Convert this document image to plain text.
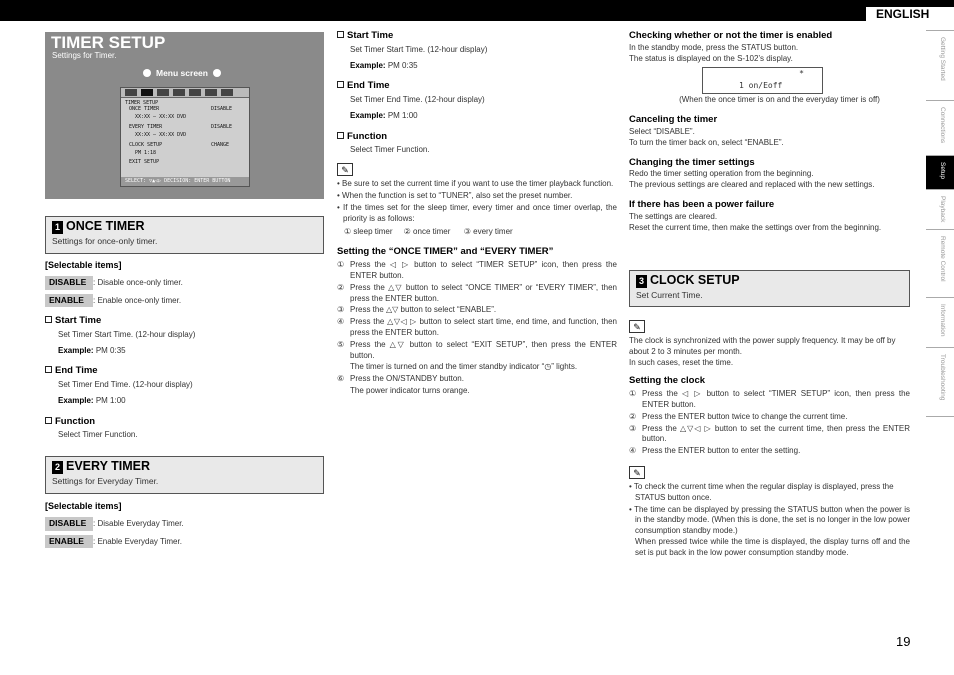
ENGLISH
TIMER SETUP
Settings for Timer.
Menu screen
TIMER SETUP
ONCE TIMER	DISABLE
XX:XX – XX:XX DVD
EVERY TIMER	DISABLE
XX:XX – XX:XX DVD
CLOCK SETUP	CHANGE
PM 1:18
EXIT SETUP
SELECT: ▽▲◁▷ DECISION: ENTER BUTTON
1 ONCE TIMER
Settings for once-only timer.
[Selectable items]
DISABLE : Disable once-only timer.
ENABLE : Enable once-only timer.
Start Time
Set Timer Start Time. (12-hour display)
Example: PM 0:35
End Time
Set Timer End Time. (12-hour display)
Example: PM 1:00
Function
Select Timer Function.
2 EVERY TIMER
Settings for Everyday Timer.
[Selectable items]
DISABLE : Disable Everyday Timer.
ENABLE : Enable Everyday Timer.
Start Time
Set Timer Start Time. (12-hour display)
Example: PM 0:35
End Time
Set Timer End Time. (12-hour display)
Example: PM 1:00
Function
Select Timer Function.
✎
• Be sure to set the current time if you want to use the timer playback function.
• When the function is set to “TUNER”, also set the preset number.
• If the times set for the sleep timer, every timer and once timer overlap, the priority is as follows:
① sleep timer ② once timer ③ every timer
Setting the “ONCE TIMER” and “EVERY TIMER”
① Press the ◁ ▷ button to select “TIMER SETUP” icon, then press the ENTER button.
② Press the △▽ button to select “ONCE TIMER” or “EVERY TIMER”, then press the ENTER button.
③ Press the △▽ button to select “ENABLE”.
④ Press the △▽◁ ▷ button to select start time, end time, and function, then press the ENTER button.
⑤ Press the △▽ button to select “EXIT SETUP”, then press the ENTER button.
The timer is turned on and the timer standby indicator “◷” lights.
⑥ Press the ON/STANDBY button.
The power indicator turns orange.
Checking whether or not the timer is enabled
In the standby mode, press the STATUS button.
The status is displayed on the S-102’s display.
*
1 on/Eoff
(When the once timer is on and the everyday timer is off)
Canceling the timer
Select “DISABLE”.
To turn the timer back on, select “ENABLE”.
Changing the timer settings
Redo the timer setting operation from the beginning.
The previous settings are cleared and replaced with the new settings.
If there has been a power failure
The settings are cleared.
Reset the current time, then make the settings over from the beginning.
3 CLOCK SETUP
Set Current Time.
✎
The clock is synchronized with the power supply frequency. It may be off by about 2 to 3 minutes per month.
In such cases, reset the time.
Setting the clock
① Press the ◁ ▷ button to select “TIMER SETUP” icon, then press the ENTER button.
② Press the ENTER button twice to change the current time.
③ Press the △▽◁ ▷ button to set the current time, then press the ENTER button.
④ Press the ENTER button to enter the setting.
✎
• To check the current time when the regular display is displayed, press the STATUS button once.
• The time can be displayed by pressing the STATUS button when the power is in the standby mode. (When this is done, the set is no longer in the low power consumption standby mode.)
When pressed twice while the time is displayed, the display turns off and the set is put back in the low power consumption standby mode.
Getting Started
Connections
Setup
Playback
Remote Control
Information
Troubleshooting
19
